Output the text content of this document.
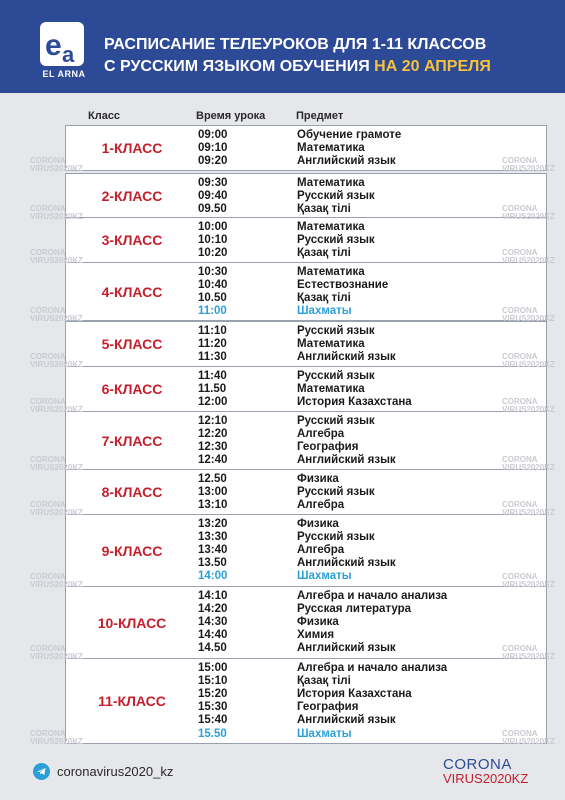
e a
EL ARNA
РАСПИСАНИЕ ТЕЛЕУРОКОВ ДЛЯ 1-11 КЛАССОВ
С РУССКИМ ЯЗЫКОМ ОБУЧЕНИЯ НА 20 АПРЕЛЯ
Класс	Время урока	Предмет
1-КЛАСС
09:00	Обучение грамоте
09:10	Математика
09:20	Английский язык
2-КЛАСС
09:30	Математика
09:40	Русский язык
09.50	Қазақ тілі
3-КЛАСС
10:00	Математика
10:10	Русский язык
10:20	Қазақ тілі
4-КЛАСС
10:30	Математика
10:40	Естествознание
10.50	Қазақ тілі
11:00	Шахматы
5-КЛАСС
11:10	Русский язык
11:20	Математика
11:30	Английский язык
6-КЛАСС
11:40	Русский язык
11.50	Математика
12:00	История Казахстана
7-КЛАСС
12:10	Русский язык
12:20	Алгебра
12:30	География
12:40	Английский язык
8-КЛАСС
12.50	Физика
13:00	Русский язык
13:10	Алгебра
9-КЛАСС
13:20	Физика
13:30	Русский язык
13:40	Алгебра
13.50	Английский язык
14:00	Шахматы
10-КЛАСС
14:10	Алгебра и начало анализа
14:20	Русская литература
14:30	Физика
14:40	Химия
14.50	Английский язык
11-КЛАСС
15:00	Алгебра и начало анализа
15:10	Қазақ тілі
15:20	История Казахстана
15:30	География
15:40	Английский язык
15.50	Шахматы
coronavirus2020_kz	CORONA
VIRUS2020KZ
CORONA
VIRUS2020KZ
CORONA
VIRUS2020KZ
CORONA
VIRUS2020KZ
CORONA
VIRUS2020KZ
CORONA
VIRUS2020KZ
CORONA
VIRUS2020KZ
CORONA
VIRUS2020KZ
CORONA
VIRUS2020KZ
CORONA
VIRUS2020KZ
CORONA
VIRUS2020KZ
CORONA
VIRUS2020KZ
CORONA
VIRUS2020KZ
CORONA
VIRUS2020KZ
CORONA
VIRUS2020KZ
CORONA
VIRUS2020KZ
CORONA
VIRUS2020KZ
CORONA
VIRUS2020KZ
CORONA
VIRUS2020KZ
CORONA
VIRUS2020KZ
CORONA
VIRUS2020KZ
CORONA
VIRUS2020KZ
CORONA
VIRUS2020KZ
